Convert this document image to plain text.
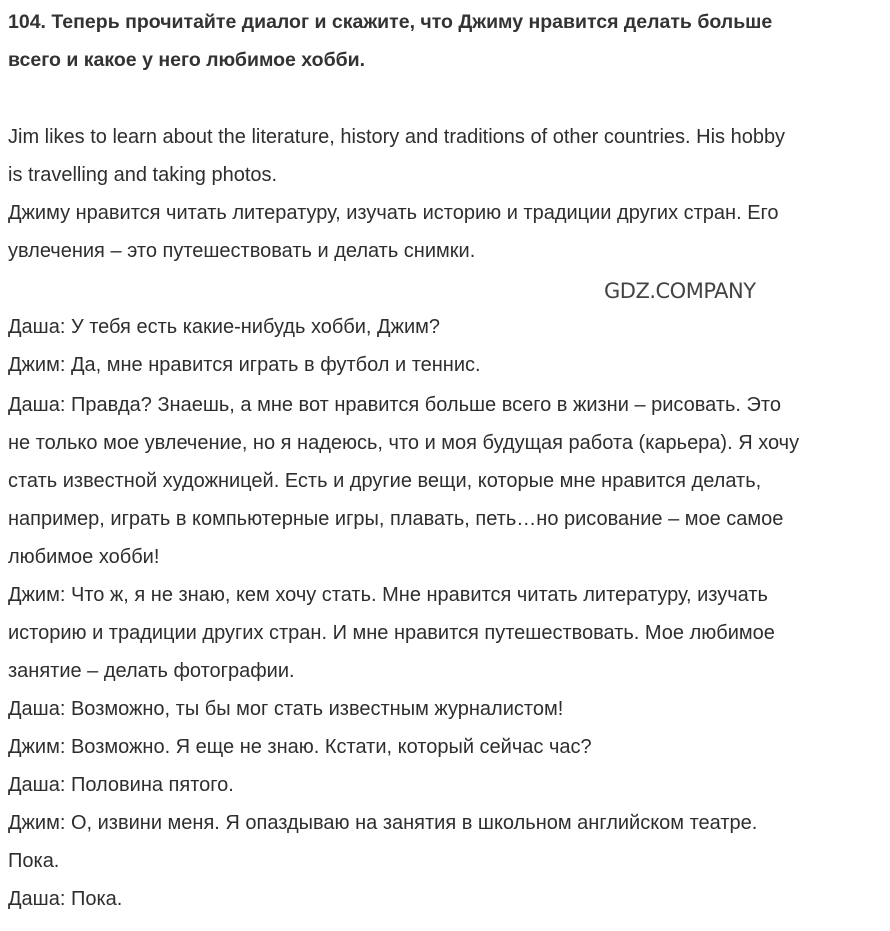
104. Теперь прочитайте диалог и скажите, что Джиму нравится делать больше
всего и какое у него любимое хобби.
Jim likes to learn about the literature, history and traditions of other countries. His hobby
is travelling and taking photos.
Джиму нравится читать литературу, изучать историю и традиции других стран. Его
увлечения – это путешествовать и делать снимки.
GDZ.COMPANY
Даша: У тебя есть какие-нибудь хобби, Джим?
Джим: Да, мне нравится играть в футбол и теннис.
Даша: Правда? Знаешь, а мне вот нравится больше всего в жизни – рисовать. Это
не только мое увлечение, но я надеюсь, что и моя будущая работа (карьера). Я хочу
стать известной художницей. Есть и другие вещи, которые мне нравится делать,
например, играть в компьютерные игры, плавать, петь…но рисование – мое самое
любимое хобби!
Джим: Что ж, я не знаю, кем хочу стать. Мне нравится читать литературу, изучать
историю и традиции других стран. И мне нравится путешествовать. Мое любимое
занятие – делать фотографии.
Даша: Возможно, ты бы мог стать известным журналистом!
Джим: Возможно. Я еще не знаю. Кстати, который сейчас час?
Даша: Половина пятого.
Джим: О, извини меня. Я опаздываю на занятия в школьном английском театре.
Пока.
Даша: Пока.
